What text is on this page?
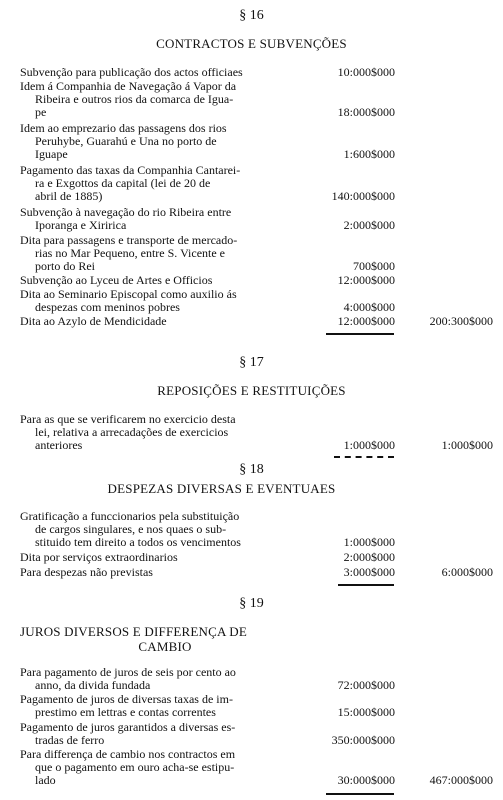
§ 16
CONTRACTOS E SUBVENÇÕES
Subvenção para publicação dos actos officiaes	10:000$000
Idem á Companhia de Navegação á Vapor da
Ribeira e outros rios da comarca de Igua-
pe	18:000$000
Idem ao emprezario das passagens dos rios
Peruhybe, Guarahú e Una no porto de
Iguape	1:600$000
Pagamento das taxas da Companhia Cantarei-
ra e Exgottos da capital (lei de 20 de
abril de 1885)	140:000$000
Subvenção à navegação do rio Ribeira entre
Iporanga e Xiririca	2:000$000
Dita para passagens e transporte de mercado-
rias no Mar Pequeno, entre S. Vicente e
porto do Rei	700$000
Subvenção ao Lyceu de Artes e Officios	12:000$000
Dita ao Seminario Episcopal como auxilio ás
despezas com meninos pobres	4:000$000
Dita ao Azylo de Mendicidade	12:000$000	200:300$000
§ 17
REPOSIÇÕES E RESTITUIÇÕES
Para as que se verificarem no exercicio desta
lei, relativa a arrecadações de exercicios
anteriores	1:000$000	1:000$000
§ 18
DESPEZAS DIVERSAS E EVENTUAES
Gratificação a funccionarios pela substituição
de cargos singulares, e nos quaes o sub-
stituido tem direito a todos os vencimentos	1:000$000
Dita por serviços extraordinarios	2:000$000
Para despezas não previstas	3:000$000	6:000$000
§ 19
JUROS DIVERSOS E DIFFERENÇA DE
CAMBIO
Para pagamento de juros de seis por cento ao
anno, da divida fundada	72:000$000
Pagamento de juros de diversas taxas de im-
prestimo em lettras e contas correntes	15:000$000
Pagamento de juros garantidos a diversas es-
tradas de ferro	350:000$000
Para differença de cambio nos contractos em
que o pagamento em ouro acha-se estipu-
lado	30:000$000	467:000$000
